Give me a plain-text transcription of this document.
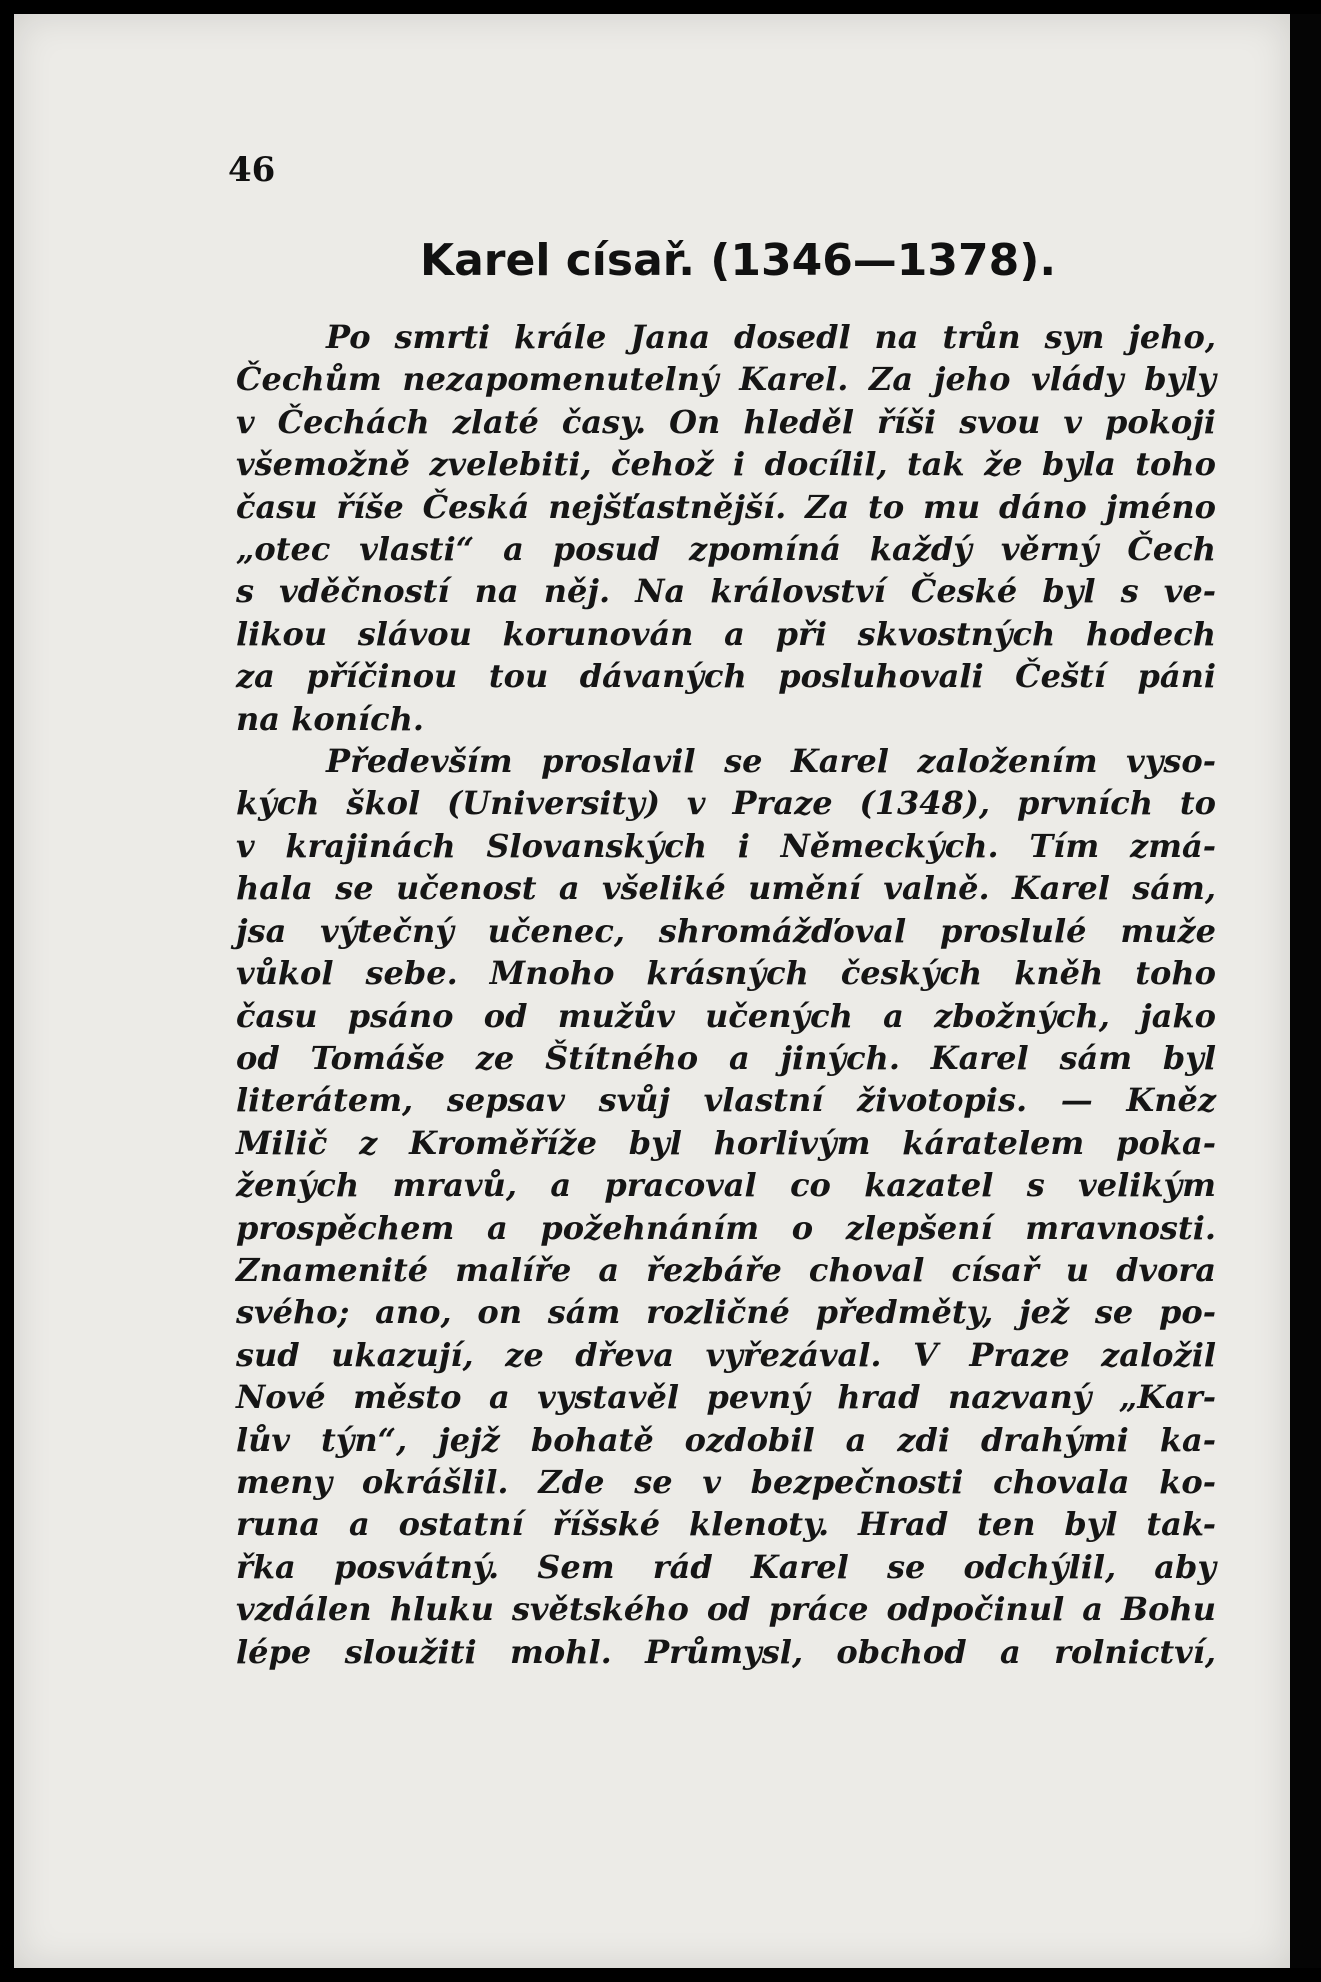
46
Karel císař. (1346—1378).
Po smrti krále Jana dosedl na trůn syn jeho,
Čechům nezapomenutelný Karel. Za jeho vlády byly
v Čechách zlaté časy. On hleděl říši svou v pokoji
všemožně zvelebiti, čehož i docílil, tak že byla toho
času říše Česká nejšťastnější. Za to mu dáno jméno
„otec vlasti“ a posud zpomíná každý věrný Čech
s vděčností na něj. Na království České byl s ve-
likou slávou korunován a při skvostných hodech
za příčinou tou dávaných posluhovali Čeští páni
na koních.
Především proslavil se Karel založením vyso-
kých škol (University) v Praze (1348), prvních to
v krajinách Slovanských i Německých. Tím zmá-
hala se učenost a všeliké umění valně. Karel sám,
jsa výtečný učenec, shromážďoval proslulé muže
vůkol sebe. Mnoho krásných českých kněh toho
času psáno od mužův učených a zbožných, jako
od Tomáše ze Štítného a jiných. Karel sám byl
literátem, sepsav svůj vlastní životopis. — Kněz
Milič z Kroměříže byl horlivým káratelem poka-
žených mravů, a pracoval co kazatel s velikým
prospěchem a požehnáním o zlepšení mravnosti.
Znamenité malíře a řezbáře choval císař u dvora
svého; ano, on sám rozličné předměty, jež se po-
sud ukazují, ze dřeva vyřezával. V Praze založil
Nové město a vystavěl pevný hrad nazvaný „Kar-
lův týn“, jejž bohatě ozdobil a zdi drahými ka-
meny okrášlil. Zde se v bezpečnosti chovala ko-
runa a ostatní říšské klenoty. Hrad ten byl tak-
řka posvátný. Sem rád Karel se odchýlil, aby
vzdálen hluku světského od práce odpočinul a Bohu
lépe sloužiti mohl. Průmysl, obchod a rolnictví,
